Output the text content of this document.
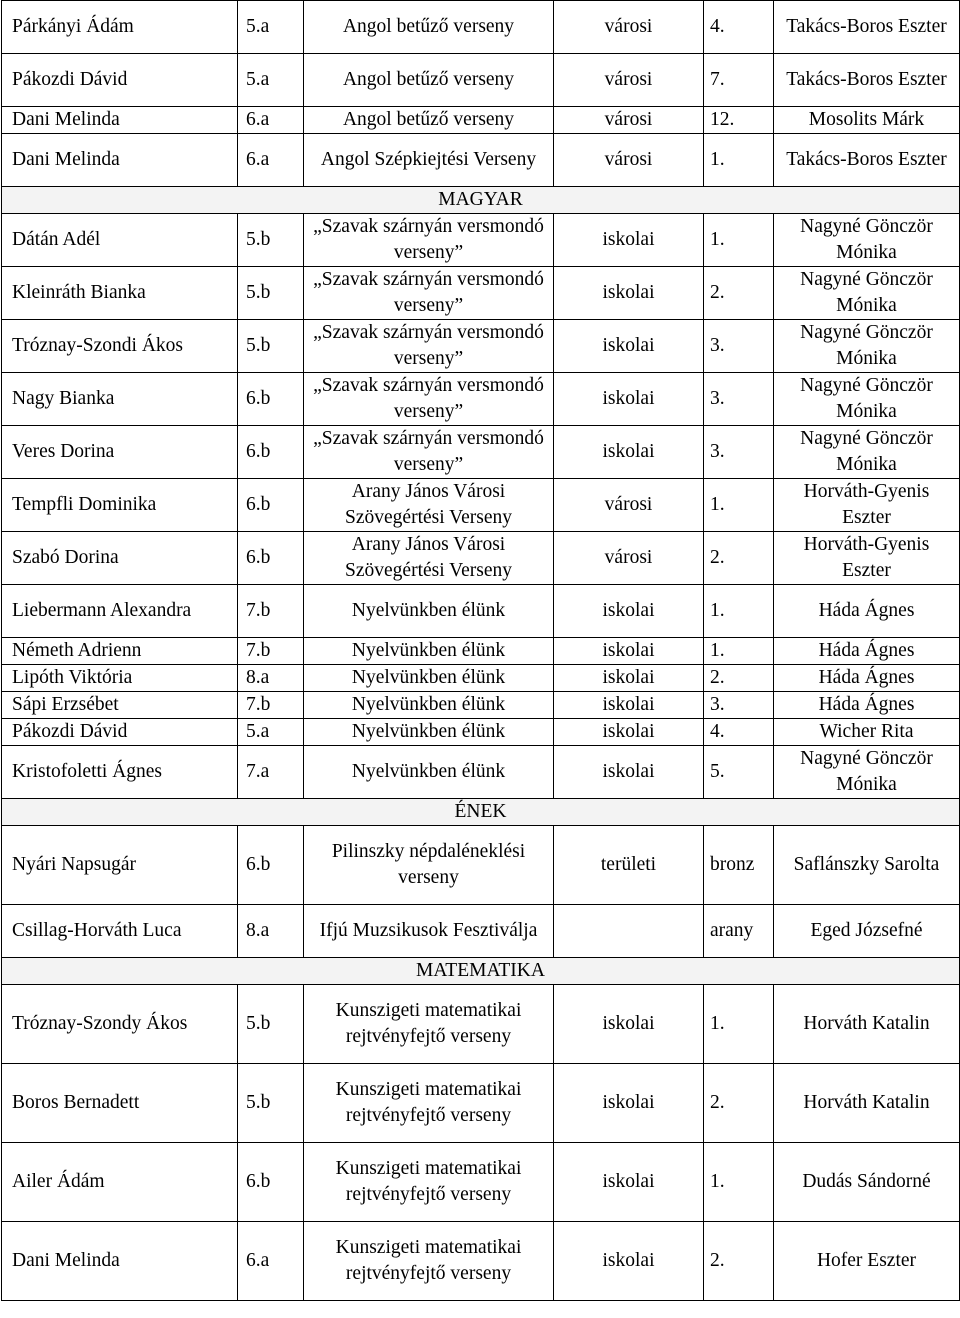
Párkányi Ádám	5.a	Angol betűző verseny	városi	4.	Takács-Boros Eszter
Pákozdi Dávid	5.a	Angol betűző verseny	városi	7.	Takács-Boros Eszter
Dani Melinda	6.a	Angol betűző verseny	városi	12.	Mosolits Márk
Dani Melinda	6.a	Angol Szépkiejtési Verseny	városi	1.	Takács-Boros Eszter
MAGYAR					
Dátán Adél	5.b	„Szavak szárnyán versmondó verseny”	iskolai	1.	Nagyné Gönczör Mónika
Kleinráth Bianka	5.b	„Szavak szárnyán versmondó verseny”	iskolai	2.	Nagyné Gönczör Mónika
Tróznay-Szondi Ákos	5.b	„Szavak szárnyán versmondó verseny”	iskolai	3.	Nagyné Gönczör Mónika
Nagy Bianka	6.b	„Szavak szárnyán versmondó verseny”	iskolai	3.	Nagyné Gönczör Mónika
Veres Dorina	6.b	„Szavak szárnyán versmondó verseny”	iskolai	3.	Nagyné Gönczör Mónika
Tempfli Dominika	6.b	Arany János Városi Szövegértési Verseny	városi	1.	Horváth-Gyenis Eszter
Szabó Dorina	6.b	Arany János Városi Szövegértési Verseny	városi	2.	Horváth-Gyenis Eszter
Liebermann Alexandra	7.b	Nyelvünkben élünk	iskolai	1.	Háda Ágnes
Németh Adrienn	7.b	Nyelvünkben élünk	iskolai	1.	Háda Ágnes
Lipóth Viktória	8.a	Nyelvünkben élünk	iskolai	2.	Háda Ágnes
Sápi Erzsébet	7.b	Nyelvünkben élünk	iskolai	3.	Háda Ágnes
Pákozdi Dávid	5.a	Nyelvünkben élünk	iskolai	4.	Wicher Rita
Kristofoletti Ágnes	7.a	Nyelvünkben élünk	iskolai	5.	Nagyné Gönczör Mónika
ÉNEK					
Nyári Napsugár	6.b	Pilinszky népdaléneklési verseny	területi	bronz	Saflánszky Sarolta
Csillag-Horváth Luca	8.a	Ifjú Muzsikusok Fesztiválja		arany	Eged Józsefné
MATEMATIKA					
Tróznay-Szondy Ákos	5.b	Kunszigeti matematikai rejtvényfejtő verseny	iskolai	1.	Horváth Katalin
Boros Bernadett	5.b	Kunszigeti matematikai rejtvényfejtő verseny	iskolai	2.	Horváth Katalin
Ailer Ádám	6.b	Kunszigeti matematikai rejtvényfejtő verseny	iskolai	1.	Dudás Sándorné
Dani Melinda	6.a	Kunszigeti matematikai rejtvényfejtő verseny	iskolai	2.	Hofer Eszter
